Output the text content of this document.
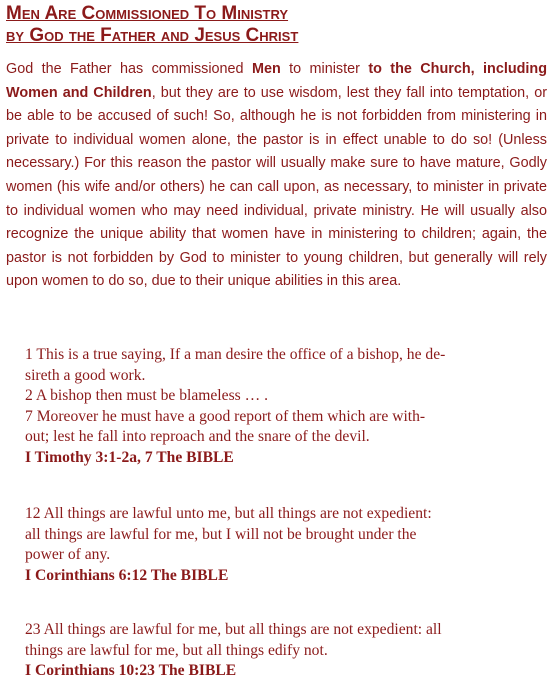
Men Are Commissioned To Ministry
by God the Father and Jesus Christ

God the Father has commissioned Men to minister to the Church, including Women and Children, but they are to use wisdom, lest they fall into temptation, or be able to be accused of such! So, although he is not forbidden from ministering in private to individual women alone, the pastor is in effect unable to do so! (Unless necessary.) For this reason the pastor will usually make sure to have mature, Godly women (his wife and/or others) he can call upon, as necessary, to minister in private to individual women who may need individual, private ministry. He will usually also recognize the unique ability that women have in ministering to children; again, the pastor is not forbidden by God to minister to young children, but generally will rely upon women to do so, due to their unique abilities in this area.

1 This is a true saying, If a man desire the office of a bishop, he de-
sireth a good work.
2 A bishop then must be blameless … .
7 Moreover he must have a good report of them which are with-
out; lest he fall into reproach and the snare of the devil.
I Timothy 3:1-2a, 7 The BIBLE
12 All things are lawful unto me, but all things are not expedient:
all things are lawful for me, but I will not be brought under the
power of any.
I Corinthians 6:12 The BIBLE
23 All things are lawful for me, but all things are not expedient: all
things are lawful for me, but all things edify not.
I Corinthians 10:23 The BIBLE
